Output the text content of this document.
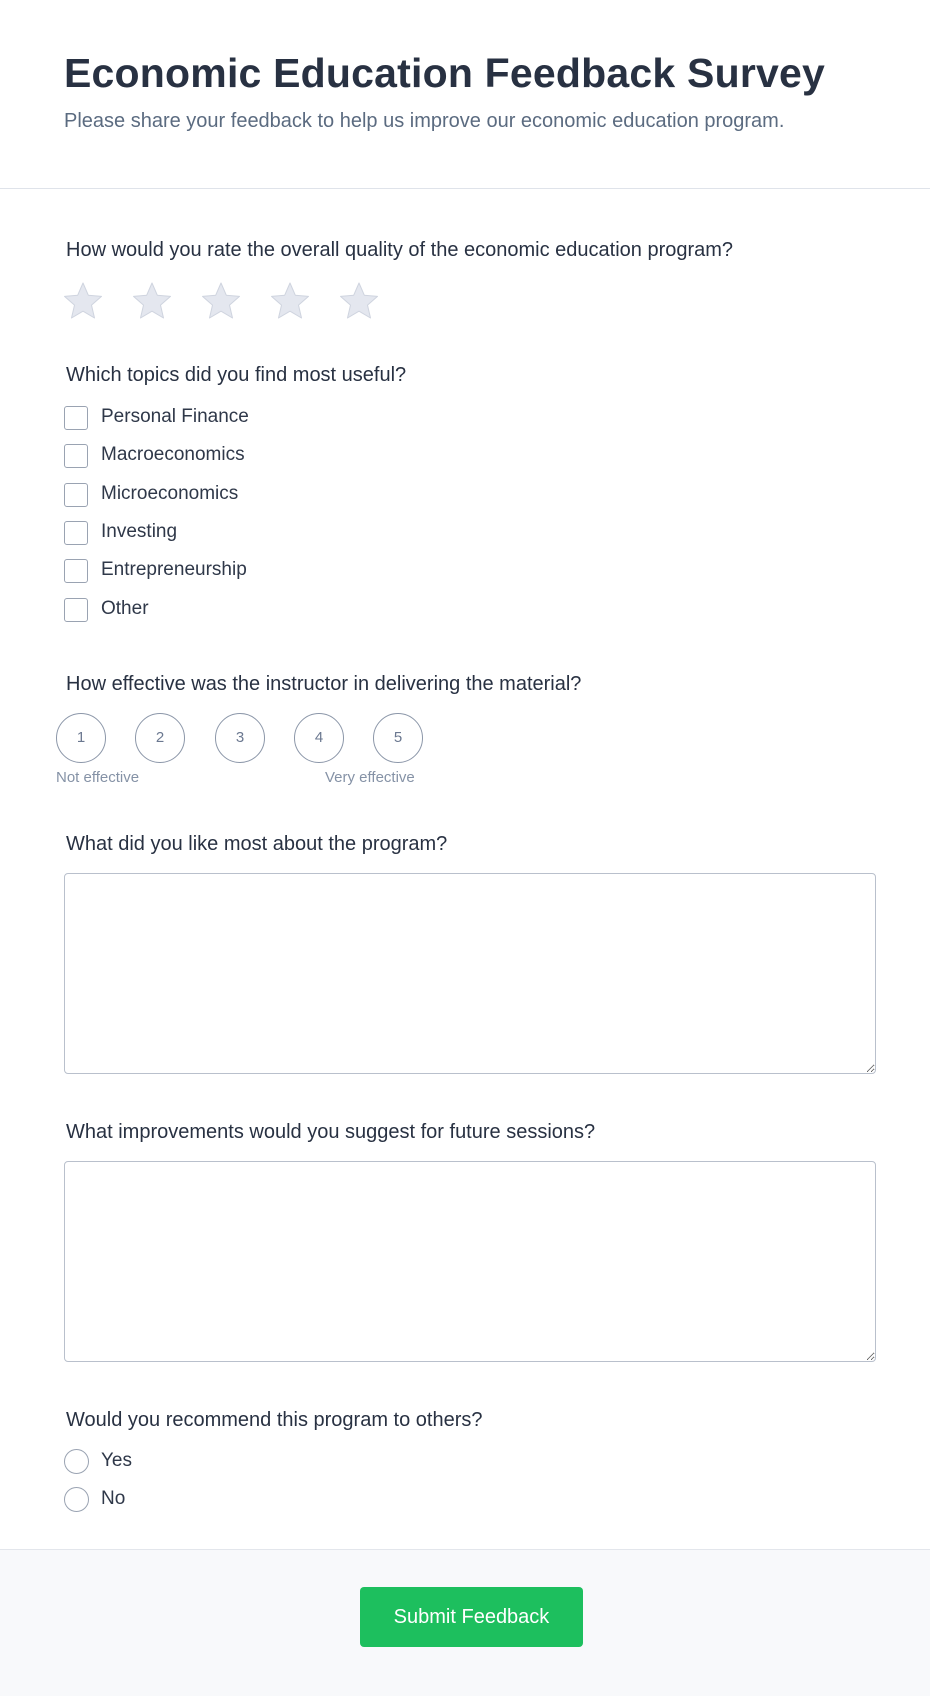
Economic Education Feedback Survey

Please share your feedback to help us improve our economic education program.

How would you rate the overall quality of the economic education program?
Which topics did you find most useful?
Personal Finance
Macroeconomics
Microeconomics
Investing
Entrepreneurship
Other
How effective was the instructor in delivering the material?
1	2	3	4	5
Not effective	Very effective
What did you like most about the program?
What improvements would you suggest for future sessions?
Would you recommend this program to others?
Yes
No
Submit Feedback
